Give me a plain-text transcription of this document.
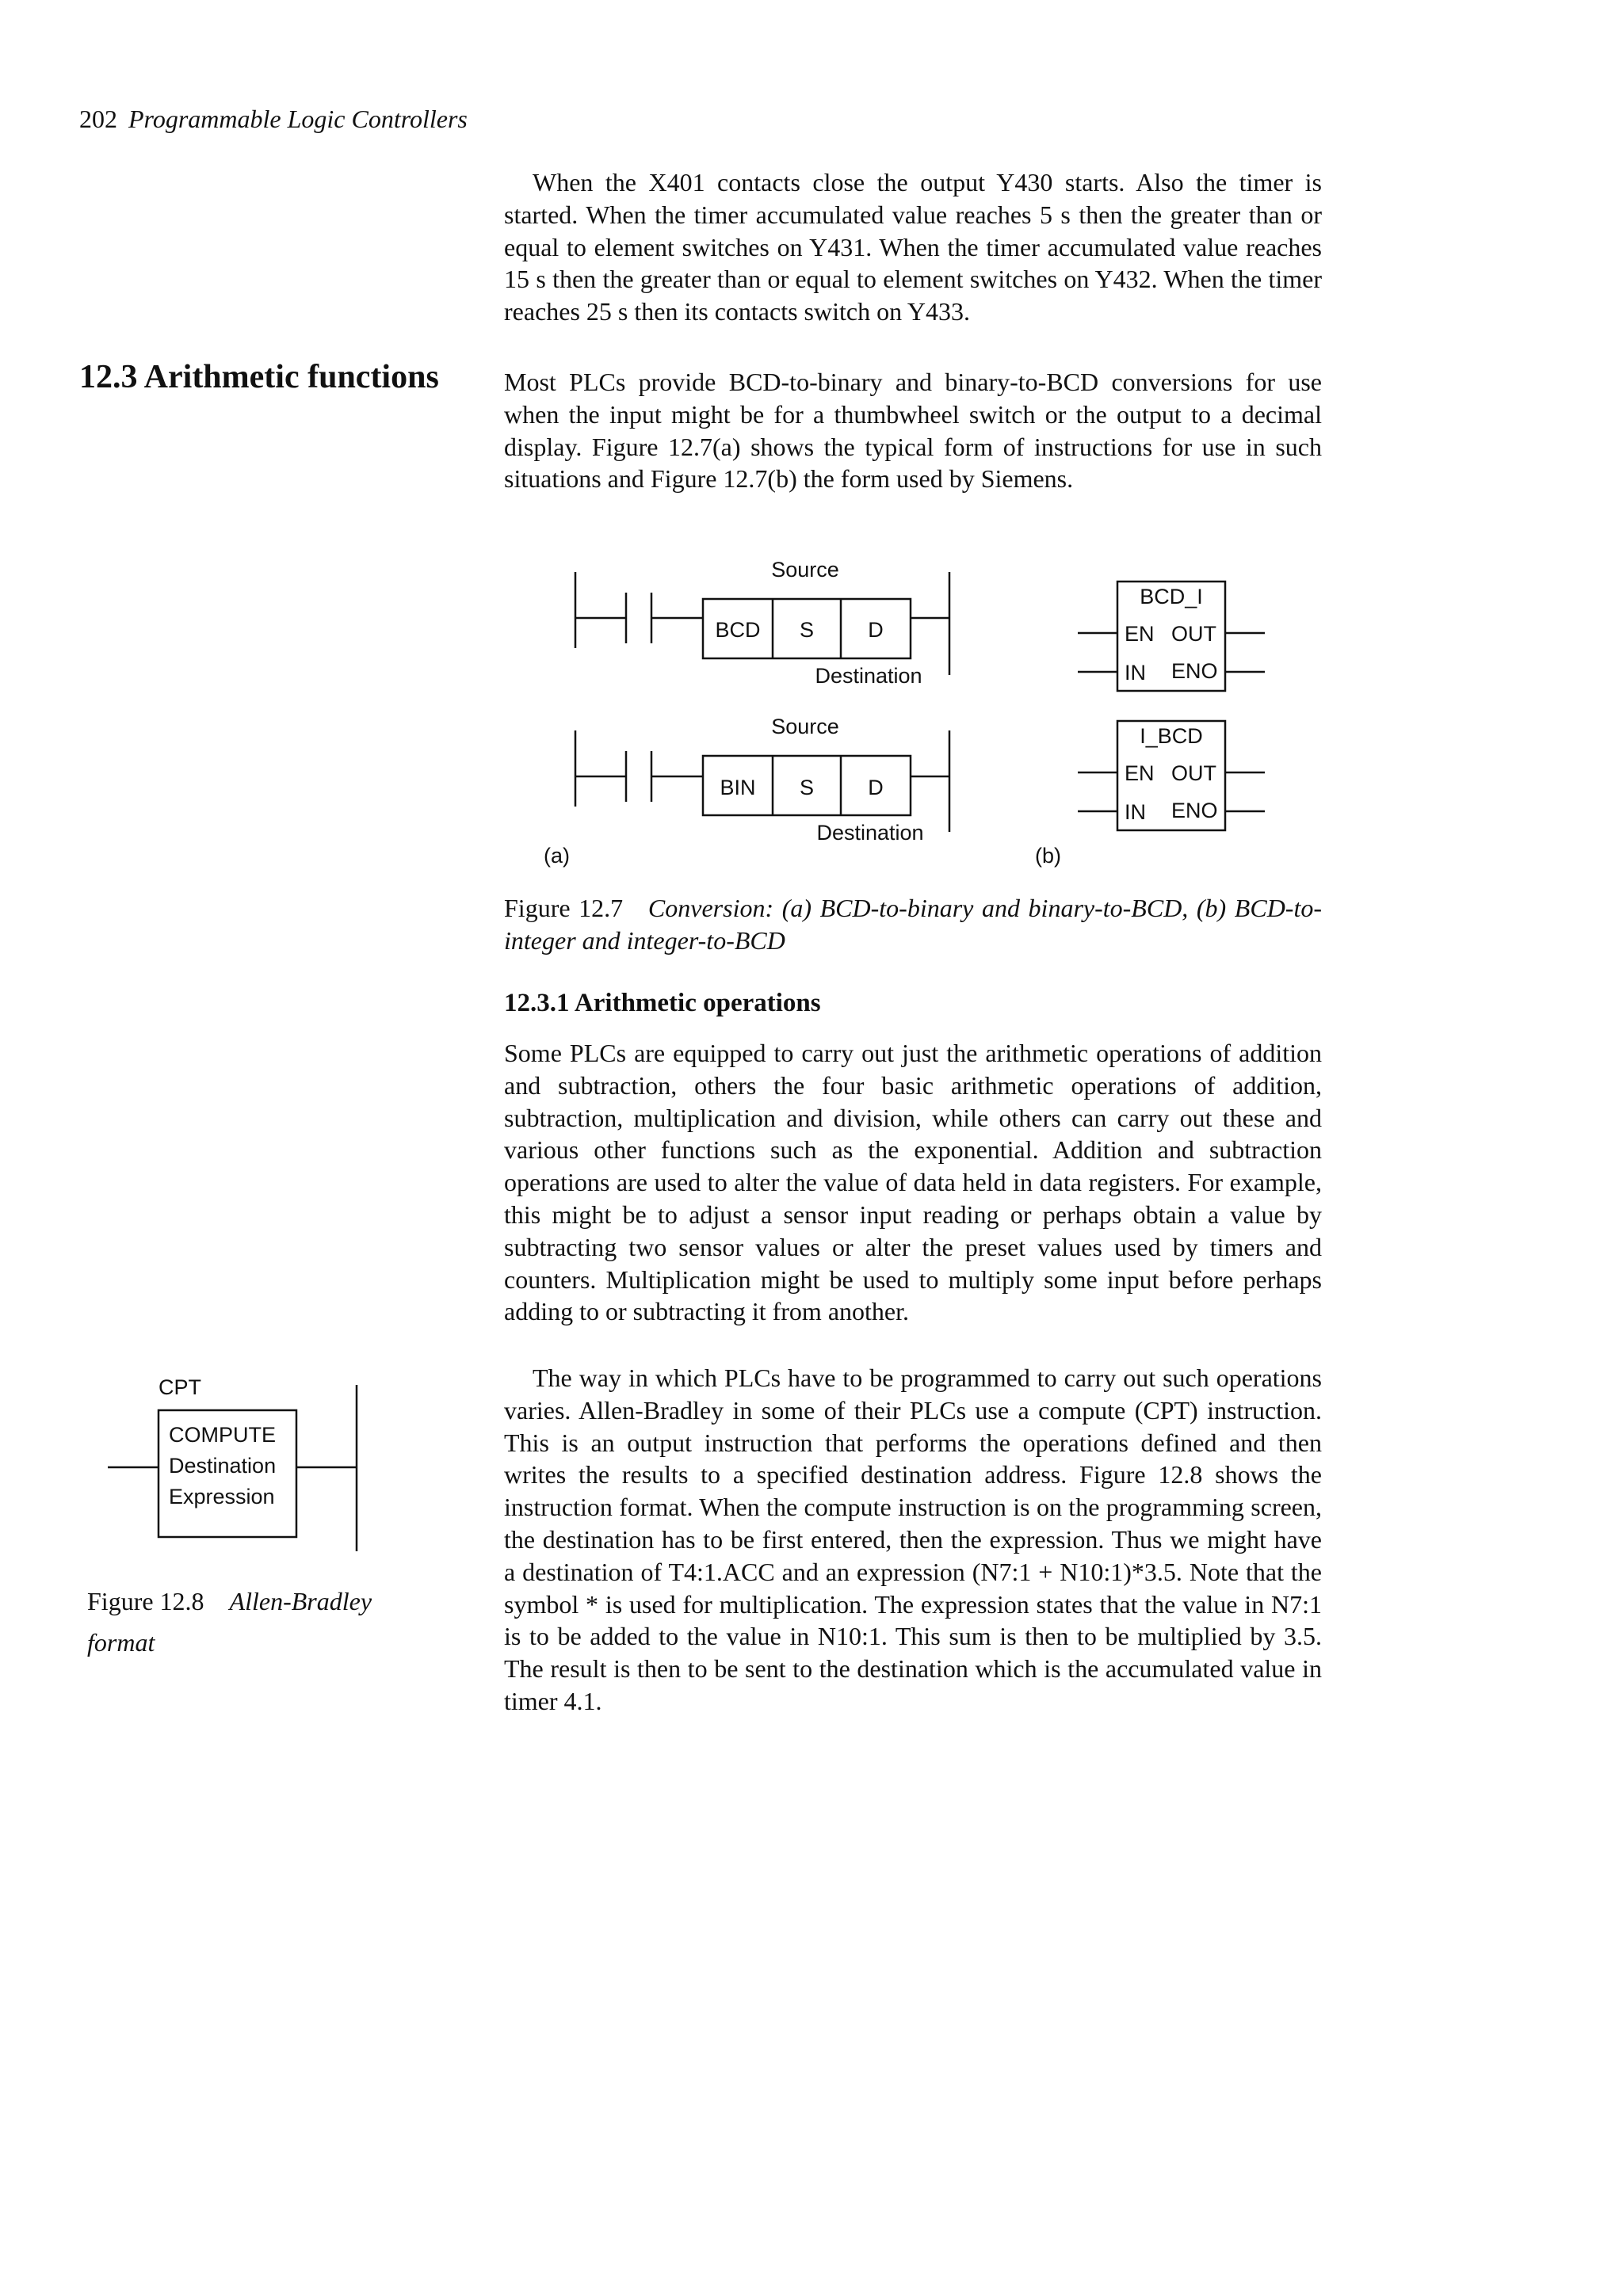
202 Programmable Logic Controllers

When the X401 contacts close the output Y430 starts. Also the timer is started. When the timer accumulated value reaches 5 s then the greater than or equal to element switches on Y431. When the timer accumulated value reaches 15 s then the greater than or equal to element switches on Y432. When the timer reaches 25 s then its contacts switch on Y433.

12.3 Arithmetic functions	Most PLCs provide BCD-to-binary and binary-to-BCD conversions for use when the input might be for a thumbwheel switch or the output to a decimal display. Figure 12.7(a) shows the typical form of instructions for use in such situations and Figure 12.7(b) the form used by Siemens.

Source
BCD S	D
Destination
Source
BIN S	D
Destination
BCD_I
EN OUT
IN ENO
I_BCD
EN OUT
IN ENO
(a)	(b)

Figure 12.7 Conversion: (a) BCD-to-binary and binary-to-BCD, (b) BCD-to-integer and integer-to-BCD

12.3.1 Arithmetic operations

Some PLCs are equipped to carry out just the arithmetic operations of addition and subtraction, others the four basic arithmetic operations of addition, subtraction, multiplication and division, while others can carry out these and various other functions such as the exponential. Addition and subtraction operations are used to alter the value of data held in data registers. For example, this might be to adjust a sensor input reading or perhaps obtain a value by subtracting two sensor values or alter the preset values used by timers and counters. Multiplication might be used to multiply some input before perhaps adding to or subtracting it from another.

The way in which PLCs have to be programmed to carry out such operations varies. Allen-Bradley in some of their PLCs use a compute (CPT) instruction. This is an output instruction that performs the operations defined and then writes the results to a specified destination address. Figure 12.8 shows the instruction format. When the compute instruction is on the programming screen, the destination has to be first entered, then the expression. Thus we might have a destination of T4:1.ACC and an expression (N7:1 + N10:1)*3.5. Note that the symbol * is used for multiplication. The expression states that the value in N7:1 is to be added to the value in N10:1. This sum is then to be multiplied by 3.5. The result is then to be sent to the destination which is the accumulated value in timer 4.1.

CPT
COMPUTE
Destination
Expression

Figure 12.8 Allen-Bradley
format
